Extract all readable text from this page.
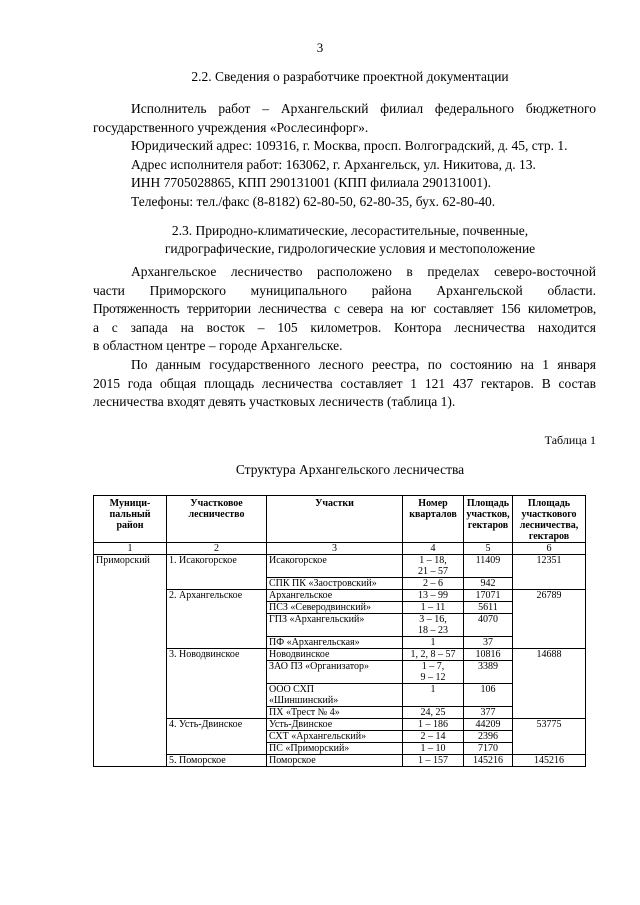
3
2.2. Сведения о разработчике проектной документации
Исполнитель работ – Архангельский филиал федерального бюджетного
государственного учреждения «Рослесинфорг».
Юридический адрес: 109316, г. Москва, просп. Волгоградский, д. 45, стр. 1.
Адрес исполнителя работ: 163062, г. Архангельск, ул. Никитова, д. 13.
ИНН 7705028865, КПП 290131001 (КПП филиала 290131001).
Телефоны: тел./факс (8-8182) 62-80-50, 62-80-35, бух. 62-80-40.
2.3. Природно-климатические, лесорастительные, почвенные,
гидрографические, гидрологические условия и местоположение
Архангельское лесничество расположено в пределах северо-восточной
части Приморского муниципального района Архангельской области.
Протяженность территории лесничества с севера на юг составляет 156 километров,
а с запада на восток – 105 километров. Контора лесничества находится
в областном центре – городе Архангельске.
По данным государственного лесного реестра, по состоянию на 1 января
2015 года общая площадь лесничества составляет 1 121 437 гектаров. В состав
лесничества входят девять участковых лесничеств (таблица 1).
Таблица 1
Структура Архангельского лесничества
Муници-
пальный
район	Участковое
лесничество	Участки	Номер
кварталов	Площадь
участков,
гектаров	Площадь
участкового
лесничества,
гектаров
1	2	3	4	5	6
Приморский	1. Исакогорское	Исакогорское	1 – 18,
21 – 57	11409	12351
		СПК ПК «Заостровский»	2 – 6	942	
	2. Архангельское	Архангельское	13 – 99	17071	26789
		ПСЗ «Северодвинский»	1 – 11	5611	
		ГПЗ «Архангельский»	3 – 16,
18 – 23	4070	
		ПФ «Архангельская»	1	37	
	3. Новодвинское	Новодвинское	1, 2, 8 – 57	10816	14688
		ЗАО ПЗ «Организатор»	1 – 7,
9 – 12	3389	
		ООО СХП
«Шиншинский»	1	106	
		ПХ «Трест № 4»	24, 25	377	
	4. Усть-Двинское	Усть-Двинское	1 – 186	44209	53775
		СХТ «Архангельский»	2 – 14	2396	
		ПС «Приморский»	1 – 10	7170	
	5. Поморское	Поморское	1 – 157	145216	145216
